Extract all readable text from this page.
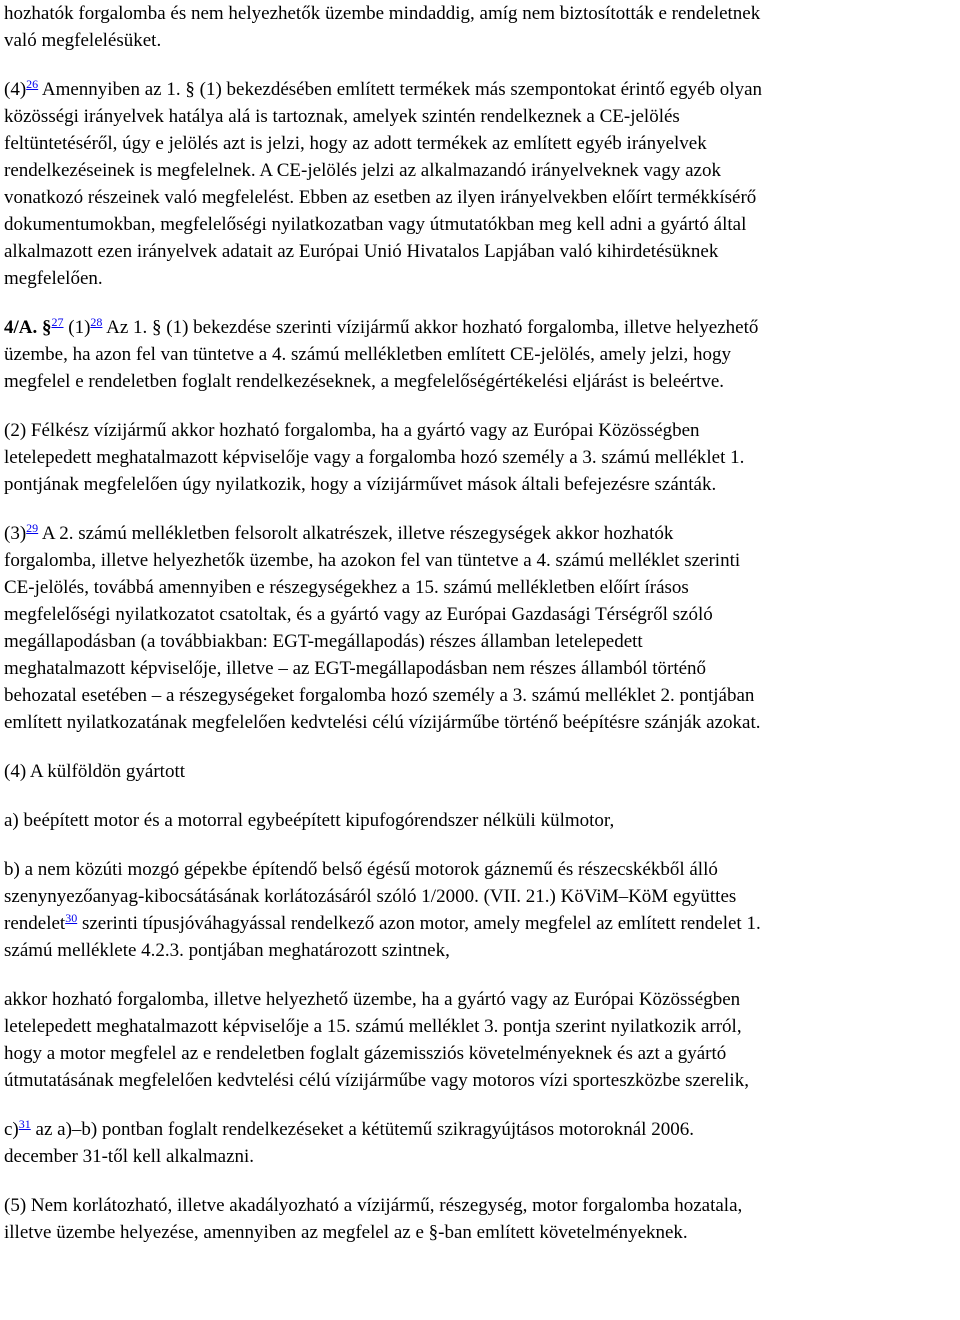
hozhatók forgalomba és nem helyezhetők üzembe mindaddig, amíg nem biztosították e rendeletnek
való megfelelésüket.
(4)$^{26}$ Amennyiben az 1. § (1) bekezdésében említett termékek más szempontokat érintő egyéb olyan
közösségi irányelvek hatálya alá is tartoznak, amelyek szintén rendelkeznek a CE-jelölés
feltüntetéséről, úgy e jelölés azt is jelzi, hogy az adott termékek az említett egyéb irányelvek
rendelkezéseinek is megfelelnek. A CE-jelölés jelzi az alkalmazandó irányelveknek vagy azok
vonatkozó részeinek való megfelelést. Ebben az esetben az ilyen irányelvekben előírt termékkísérő
dokumentumokban, megfelelőségi nyilatkozatban vagy útmutatókban meg kell adni a gyártó által
alkalmazott ezen irányelvek adatait az Európai Unió Hivatalos Lapjában való kihirdetésüknek
megfelelően.
4/A. §$^{27}$ (1)$^{28}$ Az 1. § (1) bekezdése szerinti vízijármű akkor hozható forgalomba, illetve helyezhető
üzembe, ha azon fel van tüntetve a 4. számú mellékletben említett CE-jelölés, amely jelzi, hogy
megfelel e rendeletben foglalt rendelkezéseknek, a megfelelőségértékelési eljárást is beleértve.
(2) Félkész vízijármű akkor hozható forgalomba, ha a gyártó vagy az Európai Közösségben
letelepedett meghatalmazott képviselője vagy a forgalomba hozó személy a 3. számú melléklet 1.
pontjának megfelelően úgy nyilatkozik, hogy a vízijárművet mások általi befejezésre szánták.
(3)$^{29}$ A 2. számú mellékletben felsorolt alkatrészek, illetve részegységek akkor hozhatók
forgalomba, illetve helyezhetők üzembe, ha azokon fel van tüntetve a 4. számú melléklet szerinti
CE-jelölés, továbbá amennyiben e részegységekhez a 15. számú mellékletben előírt írásos
megfelelőségi nyilatkozatot csatoltak, és a gyártó vagy az Európai Gazdasági Térségről szóló
megállapodásban (a továbbiakban: EGT-megállapodás) részes államban letelepedett
meghatalmazott képviselője, illetve – az EGT-megállapodásban nem részes államból történő
behozatal esetében – a részegységeket forgalomba hozó személy a 3. számú melléklet 2. pontjában
említett nyilatkozatának megfelelően kedvtelési célú vízijárműbe történő beépítésre szánják azokat.
(4) A külföldön gyártott
a) beépített motor és a motorral egybeépített kipufogórendszer nélküli külmotor,
b) a nem közúti mozgó gépekbe építendő belső égésű motorok gáznemű és részecskékből álló
szenynyezőanyag-kibocsátásának korlátozásáról szóló 1/2000. (VII. 21.) KöViM–KöM együttes
rendelet$^{30}$ szerinti típusjóváhagyással rendelkező azon motor, amely megfelel az említett rendelet 1.
számú melléklete 4.2.3. pontjában meghatározott szintnek,
akkor hozható forgalomba, illetve helyezhető üzembe, ha a gyártó vagy az Európai Közösségben
letelepedett meghatalmazott képviselője a 15. számú melléklet 3. pontja szerint nyilatkozik arról,
hogy a motor megfelel az e rendeletben foglalt gázemissziós követelményeknek és azt a gyártó
útmutatásának megfelelően kedvtelési célú vízijárműbe vagy motoros vízi sporteszközbe szerelik,
c)$^{31}$ az a)–b) pontban foglalt rendelkezéseket a kétütemű szikragyújtásos motoroknál 2006.
december 31-től kell alkalmazni.
(5) Nem korlátozható, illetve akadályozható a vízijármű, részegység, motor forgalomba hozatala,
illetve üzembe helyezése, amennyiben az megfelel az e §-ban említett követelményeknek.
